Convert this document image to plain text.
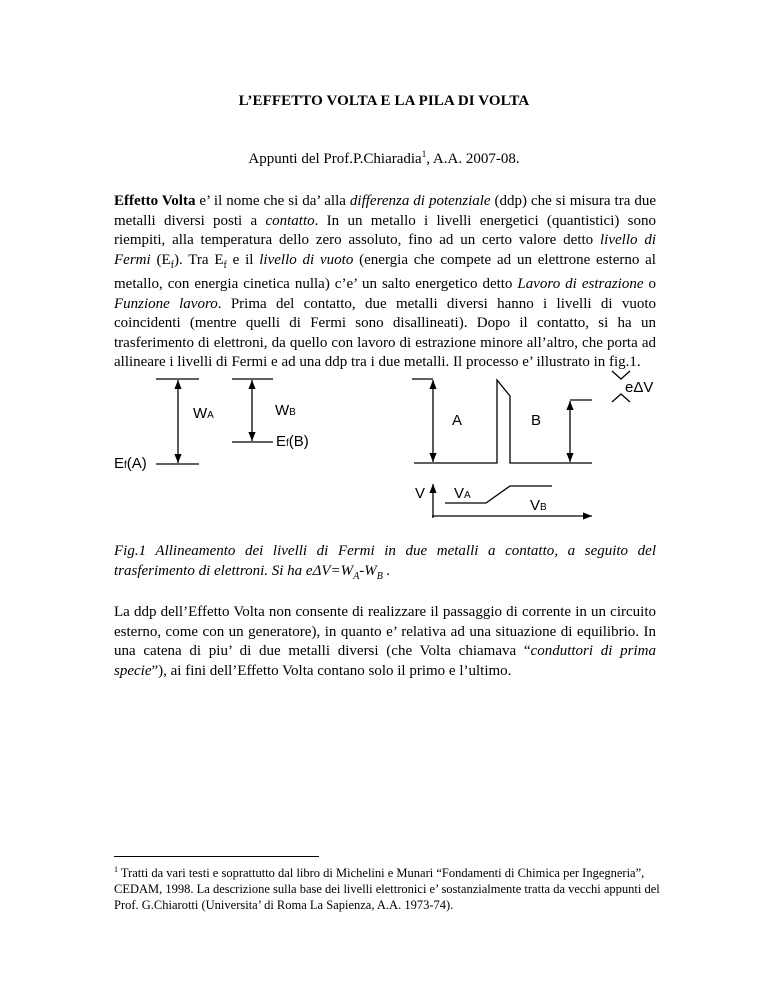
L’EFFETTO VOLTA E LA PILA DI VOLTA
Appunti del Prof.P.Chiaradia$^1$, A.A. 2007-08.
Effetto Volta e’ il nome che si da’ alla differenza di potenziale (ddp) che si misura tra due metalli diversi posti a contatto. In un metallo i livelli energetici (quantistici) sono riempiti, alla temperatura dello zero assoluto, fino ad un certo valore detto livello di Fermi $(E_f)$. Tra $E_f$ e il livello di vuoto (energia che compete ad un elettrone esterno al metallo, con energia cinetica nulla) c’e’ un salto energetico detto Lavoro di estrazione o Funzione lavoro. Prima del contatto, due metalli diversi hanno i livelli di vuoto coincidenti (mentre quelli di Fermi sono disallineati). Dopo il contatto, si ha un trasferimento di elettroni, da quello con lavoro di estrazione minore all’altro, che porta ad allineare i livelli di Fermi e ad una ddp tra i due metalli. Il processo e’ illustrato in fig.1.
WA	WB
Ef(B)
Ef(A)
A	B
eΔV
V VA
VB
Fig.1 Allineamento dei livelli di Fermi in due metalli a contatto, a seguito del trasferimento di elettroni. Si ha $e\Delta V=W_A-W_B$ .
La ddp dell’Effetto Volta non consente di realizzare il passaggio di corrente in un circuito esterno, come con un generatore), in quanto e’ relativa ad una situazione di equilibrio. In una catena di piu’ di due metalli diversi (che Volta chiamava “conduttori di prima specie”), ai fini dell’Effetto Volta contano solo il primo e l’ultimo.
$^1$ Tratti da vari testi e soprattutto dal libro di Michelini e Munari “Fondamenti di Chimica per Ingegneria”, CEDAM, 1998. La descrizione sulla base dei livelli elettronici e’ sostanzialmente tratta da vecchi appunti del Prof. G.Chiarotti (Universita’ di Roma La Sapienza, A.A. 1973-74).
